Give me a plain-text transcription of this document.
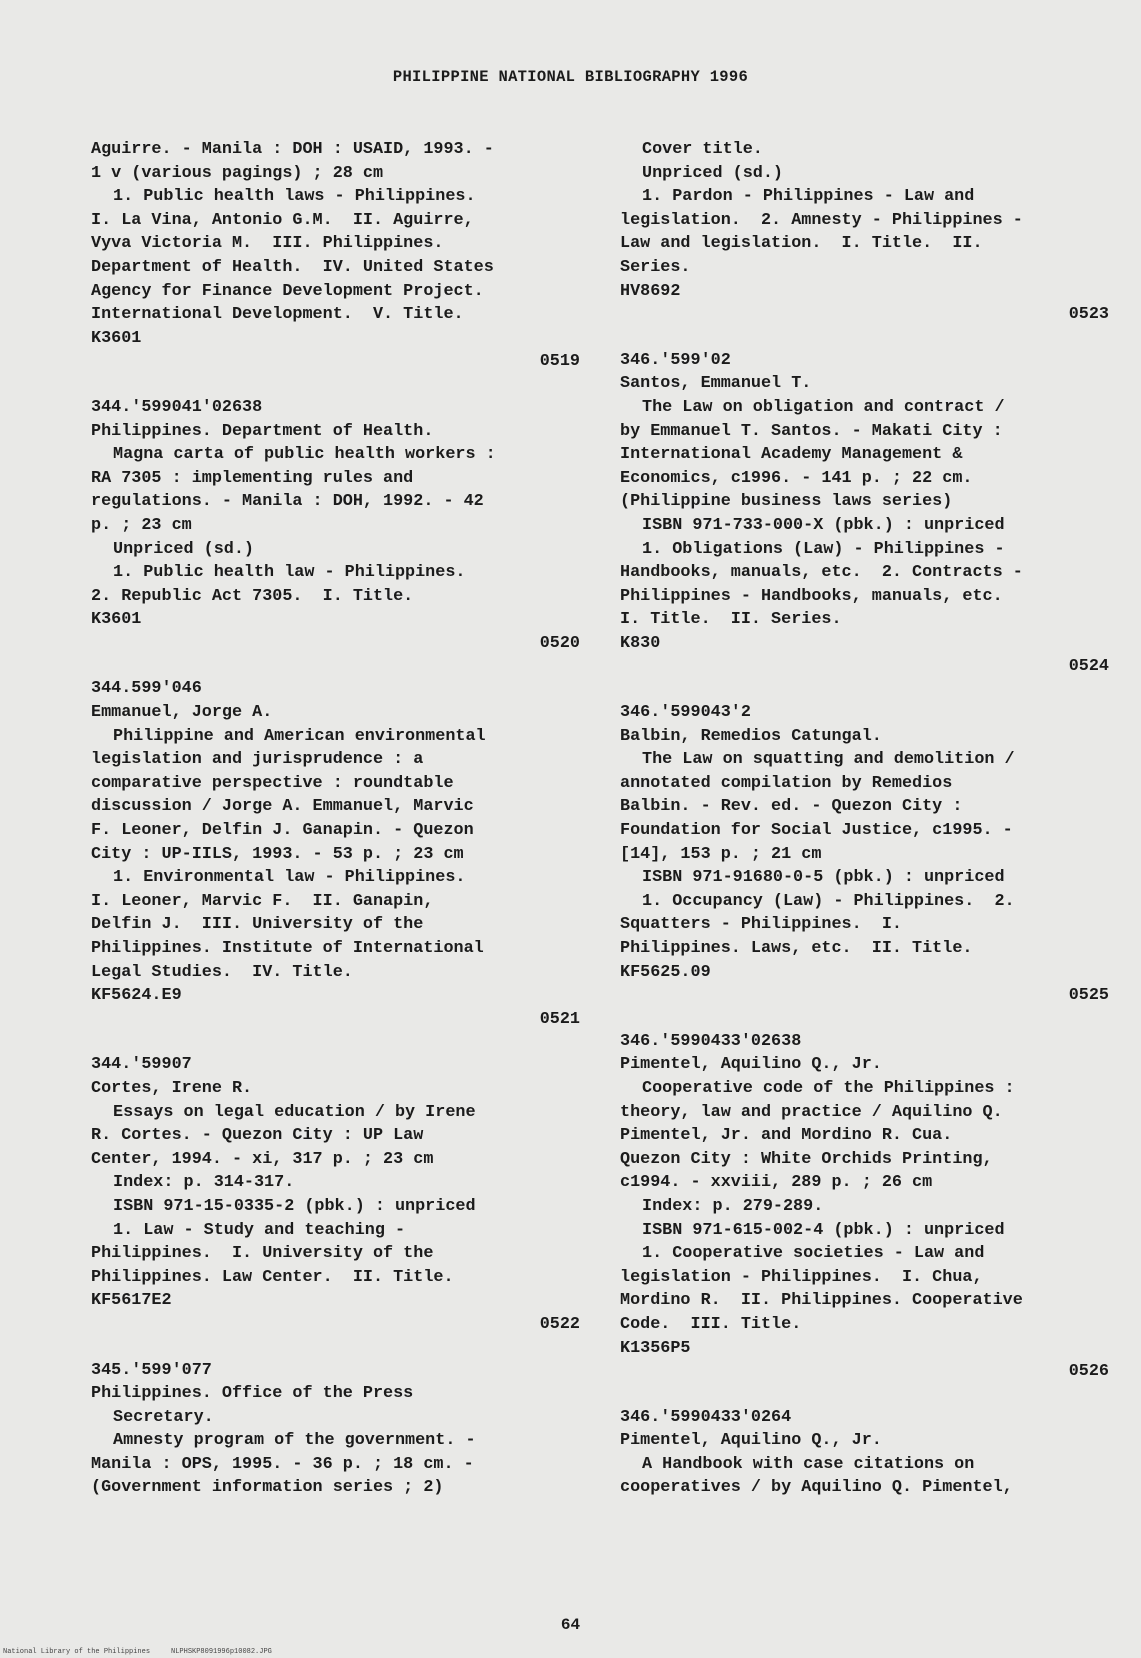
PHILIPPINE NATIONAL BIBLIOGRAPHY 1996
Aguirre. - Manila : DOH : USAID, 1993. -
1 v (various pagings) ; 28 cm
1. Public health laws - Philippines.
I. La Vina, Antonio G.M.  II. Aguirre,
Vyva Victoria M.  III. Philippines.
Department of Health.  IV. United States
Agency for Finance Development Project.
International Development.  V. Title.
K3601
0519
344.'599041'02638
Philippines. Department of Health.
Magna carta of public health workers :
RA 7305 : implementing rules and
regulations. - Manila : DOH, 1992. - 42
p. ; 23 cm
Unpriced (sd.)
1. Public health law - Philippines.
2. Republic Act 7305.  I. Title.
K3601
0520
344.599'046
Emmanuel, Jorge A.
Philippine and American environmental
legislation and jurisprudence : a
comparative perspective : roundtable
discussion / Jorge A. Emmanuel, Marvic
F. Leoner, Delfin J. Ganapin. - Quezon
City : UP-IILS, 1993. - 53 p. ; 23 cm
1. Environmental law - Philippines.
I. Leoner, Marvic F.  II. Ganapin,
Delfin J.  III. University of the
Philippines. Institute of International
Legal Studies.  IV. Title.
KF5624.E9
0521
344.'59907
Cortes, Irene R.
Essays on legal education / by Irene
R. Cortes. - Quezon City : UP Law
Center, 1994. - xi, 317 p. ; 23 cm
Index: p. 314-317.
ISBN 971-15-0335-2 (pbk.) : unpriced
1. Law - Study and teaching -
Philippines.  I. University of the
Philippines. Law Center.  II. Title.
KF5617E2
0522
345.'599'077
Philippines. Office of the Press
Secretary.
Amnesty program of the government. -
Manila : OPS, 1995. - 36 p. ; 18 cm. -
(Government information series ; 2)
Cover title.
Unpriced (sd.)
1. Pardon - Philippines - Law and
legislation.  2. Amnesty - Philippines -
Law and legislation.  I. Title.  II.
Series.
HV8692
0523
346.'599'02
Santos, Emmanuel T.
The Law on obligation and contract /
by Emmanuel T. Santos. - Makati City :
International Academy Management &
Economics, c1996. - 141 p. ; 22 cm.
(Philippine business laws series)
ISBN 971-733-000-X (pbk.) : unpriced
1. Obligations (Law) - Philippines -
Handbooks, manuals, etc.  2. Contracts -
Philippines - Handbooks, manuals, etc.
I. Title.  II. Series.
K830
0524
346.'599043'2
Balbin, Remedios Catungal.
The Law on squatting and demolition /
annotated compilation by Remedios
Balbin. - Rev. ed. - Quezon City :
Foundation for Social Justice, c1995. -
[14], 153 p. ; 21 cm
ISBN 971-91680-0-5 (pbk.) : unpriced
1. Occupancy (Law) - Philippines.  2.
Squatters - Philippines.  I.
Philippines. Laws, etc.  II. Title.
KF5625.09
0525
346.'5990433'02638
Pimentel, Aquilino Q., Jr.
Cooperative code of the Philippines :
theory, law and practice / Aquilino Q.
Pimentel, Jr. and Mordino R. Cua.
Quezon City : White Orchids Printing,
c1994. - xxviii, 289 p. ; 26 cm
Index: p. 279-289.
ISBN 971-615-002-4 (pbk.) : unpriced
1. Cooperative societies - Law and
legislation - Philippines.  I. Chua,
Mordino R.  II. Philippines. Cooperative
Code.  III. Title.
K1356P5
0526
346.'5990433'0264
Pimentel, Aquilino Q., Jr.
A Handbook with case citations on
cooperatives / by Aquilino Q. Pimentel,
64
National Library of the Philippines     NLPHSKP8091996p10082.JPG
